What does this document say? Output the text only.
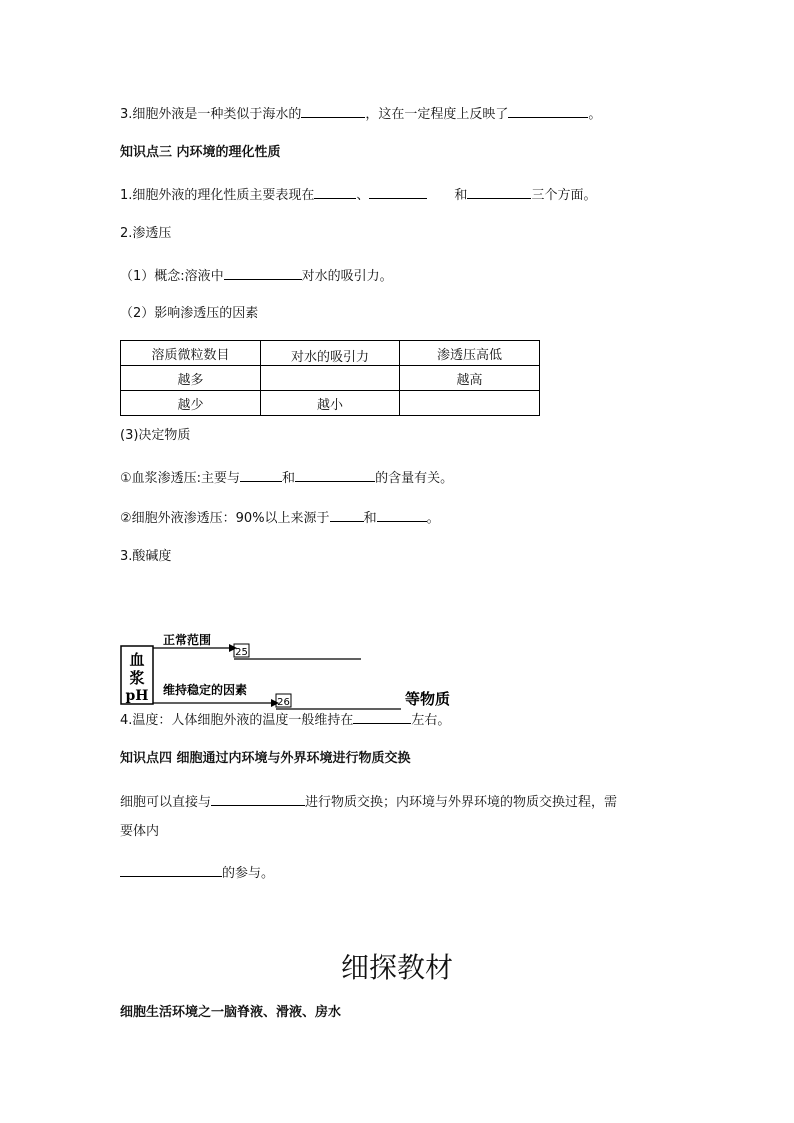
3.细胞外液是一种类似于海水的	，这在一定程度上反映了	。
知识点三 内环境的理化性质
1.细胞外液的理化性质主要表现在	、	和	三个方面。
2.渗透压
（1）概念:溶液中	对水的吸引力。
（2）影响渗透压的因素
溶质微粒数目	对水的吸引力	渗透压高低
越多		越高
越少	越小	
(3)决定物质
①血浆渗透压:主要与	和	的含量有关。
②细胞外液渗透压：90%以上来源于	和	。
3.酸碱度
血
浆
pH
正常范围
25
维持稳定的因素
26	等物质
4.温度：人体细胞外液的温度一般维持在	左右。
知识点四 细胞通过内环境与外界环境进行物质交换
细胞可以直接与	进行物质交换；内环境与外界环境的物质交换过程，需
要体内
的参与。
细探教材
细胞生活环境之一脑脊液、滑液、房水
